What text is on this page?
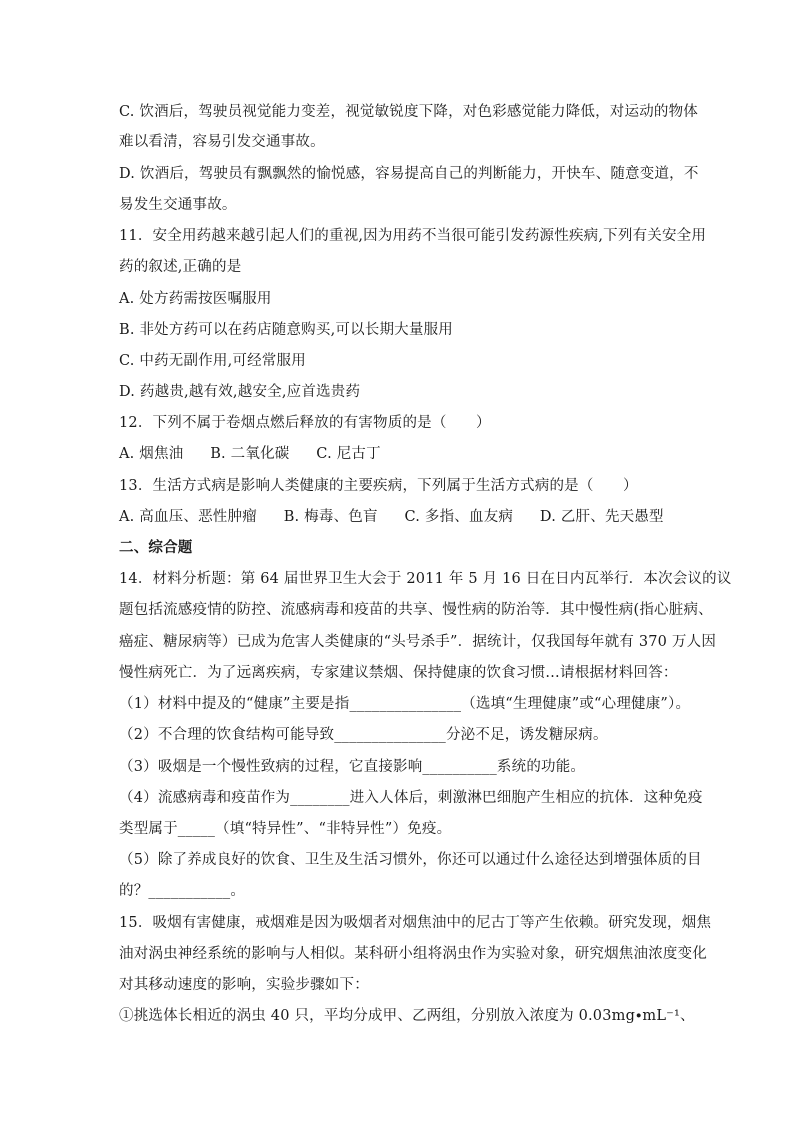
C. 饮酒后，驾驶员视觉能力变差，视觉敏锐度下降，对色彩感觉能力降低，对运动的物体
难以看清，容易引发交通事故。
D. 饮酒后，驾驶员有飘飘然的愉悦感，容易提高自己的判断能力，开快车、随意变道，不
易发生交通事故。
11．安全用药越来越引起人们的重视,因为用药不当很可能引发药源性疾病,下列有关安全用
药的叙述,正确的是
A. 处方药需按医嘱服用
B. 非处方药可以在药店随意购买,可以长期大量服用
C. 中药无副作用,可经常服用
D. 药越贵,越有效,越安全,应首选贵药
12．下列不属于卷烟点燃后释放的有害物质的是（　　）
A. 烟焦油 B. 二氧化碳 C. 尼古丁
13．生活方式病是影响人类健康的主要疾病，下列属于生活方式病的是（　　）
A. 高血压、恶性肿瘤 B. 梅毒、色盲 C. 多指、血友病 D. 乙肝、先天愚型
二、综合题
14．材料分析题：第 64 届世界卫生大会于 2011 年 5 月 16 日在日内瓦举行．本次会议的议
题包括流感疫情的防控、流感病毒和疫苗的共享、慢性病的防治等．其中慢性病(指心脏病、
癌症、糖尿病等）已成为危害人类健康的“头号杀手”．据统计，仅我国每年就有 370 万人因
慢性病死亡．为了远离疾病，专家建议禁烟、保持健康的饮食习惯…请根据材料回答：
（1）材料中提及的“健康”主要是指_______________（选填“生理健康”或“心理健康”）。
（2）不合理的饮食结构可能导致_______________分泌不足，诱发糖尿病。
（3）吸烟是一个慢性致病的过程，它直接影响__________系统的功能。
（4）流感病毒和疫苗作为________进入人体后，刺激淋巴细胞产生相应的抗体．这种免疫
类型属于_____（填“特异性”、“非特异性”）免疫。
（5）除了养成良好的饮食、卫生及生活习惯外，你还可以通过什么途径达到增强体质的目
的？___________。
15．吸烟有害健康，戒烟难是因为吸烟者对烟焦油中的尼古丁等产生依赖。研究发现，烟焦
油对涡虫神经系统的影响与人相似。某科研小组将涡虫作为实验对象，研究烟焦油浓度变化
对其移动速度的影响，实验步骤如下：
①挑选体长相近的涡虫 40 只，平均分成甲、乙两组，分别放入浓度为 0.03mg∙mL⁻¹、
